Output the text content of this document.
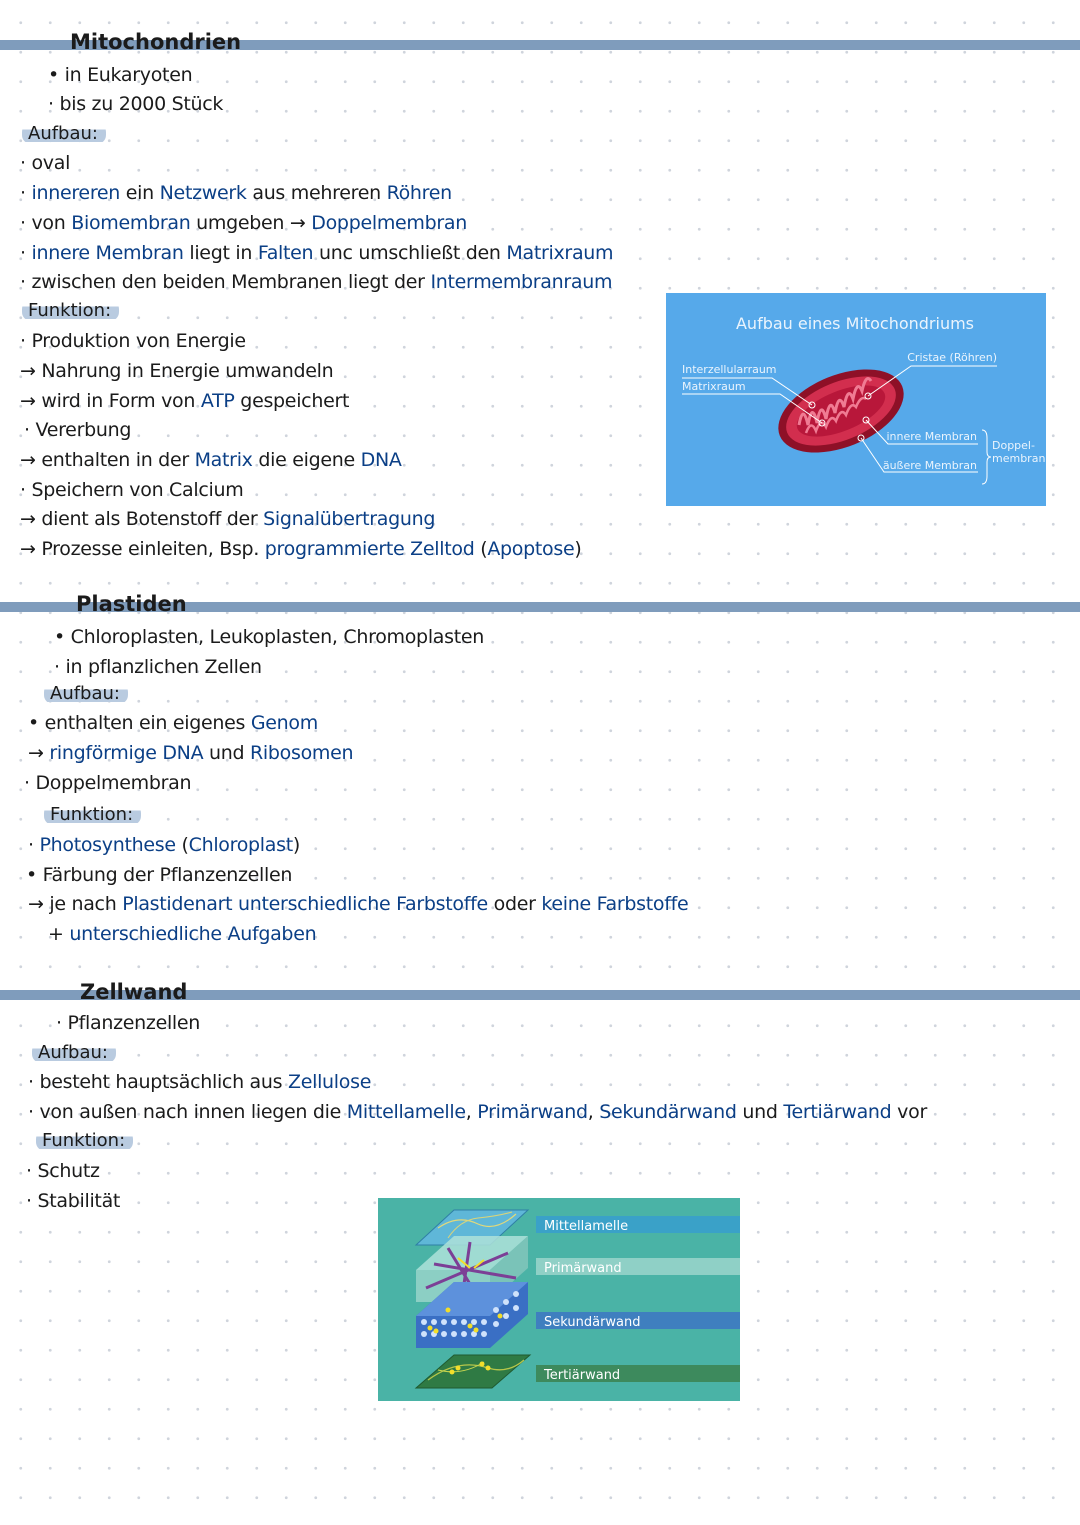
Mitochondrien
• in Eukaryoten
· bis zu 2000 Stück
Aufbau:
· oval
· innereren ein Netzwerk aus mehreren Röhren
· von Biomembran umgeben → Doppelmembran
· innere Membran liegt in Falten unc umschließt den Matrixraum
· zwischen den beiden Membranen liegt der Intermembranraum
Funktion:
· Produktion von Energie
→ Nahrung in Energie umwandeln
→ wird in Form von ATP gespeichert
· Vererbung
→ enthalten in der Matrix die eigene DNA
· Speichern von Calcium
→ dient als Botenstoff der Signalübertragung
→ Prozesse einleiten, Bsp. programmierte Zelltod (Apoptose)
Aufbau eines Mitochondriums
Interzellularraum
Matrixraum
Cristae (Röhren)
innere Membran
äußere Membran
Doppel-
membran
Plastiden
• Chloroplasten, Leukoplasten, Chromoplasten
· in pflanzlichen Zellen
Aufbau:
• enthalten ein eigenes Genom
→ ringförmige DNA und Ribosomen
· Doppelmembran
Funktion:
· Photosynthese (Chloroplast)
• Färbung der Pflanzenzellen
→ je nach Plastidenart unterschiedliche Farbstoffe oder keine Farbstoffe
+ unterschiedliche Aufgaben
Zellwand
· Pflanzenzellen
Aufbau:
· besteht hauptsächlich aus Zellulose
· von außen nach innen liegen die Mittellamelle, Primärwand, Sekundärwand und Tertiärwand vor
Funktion:
· Schutz
· Stabilität
Mittellamelle
Primärwand
Sekundärwand
Tertiärwand
